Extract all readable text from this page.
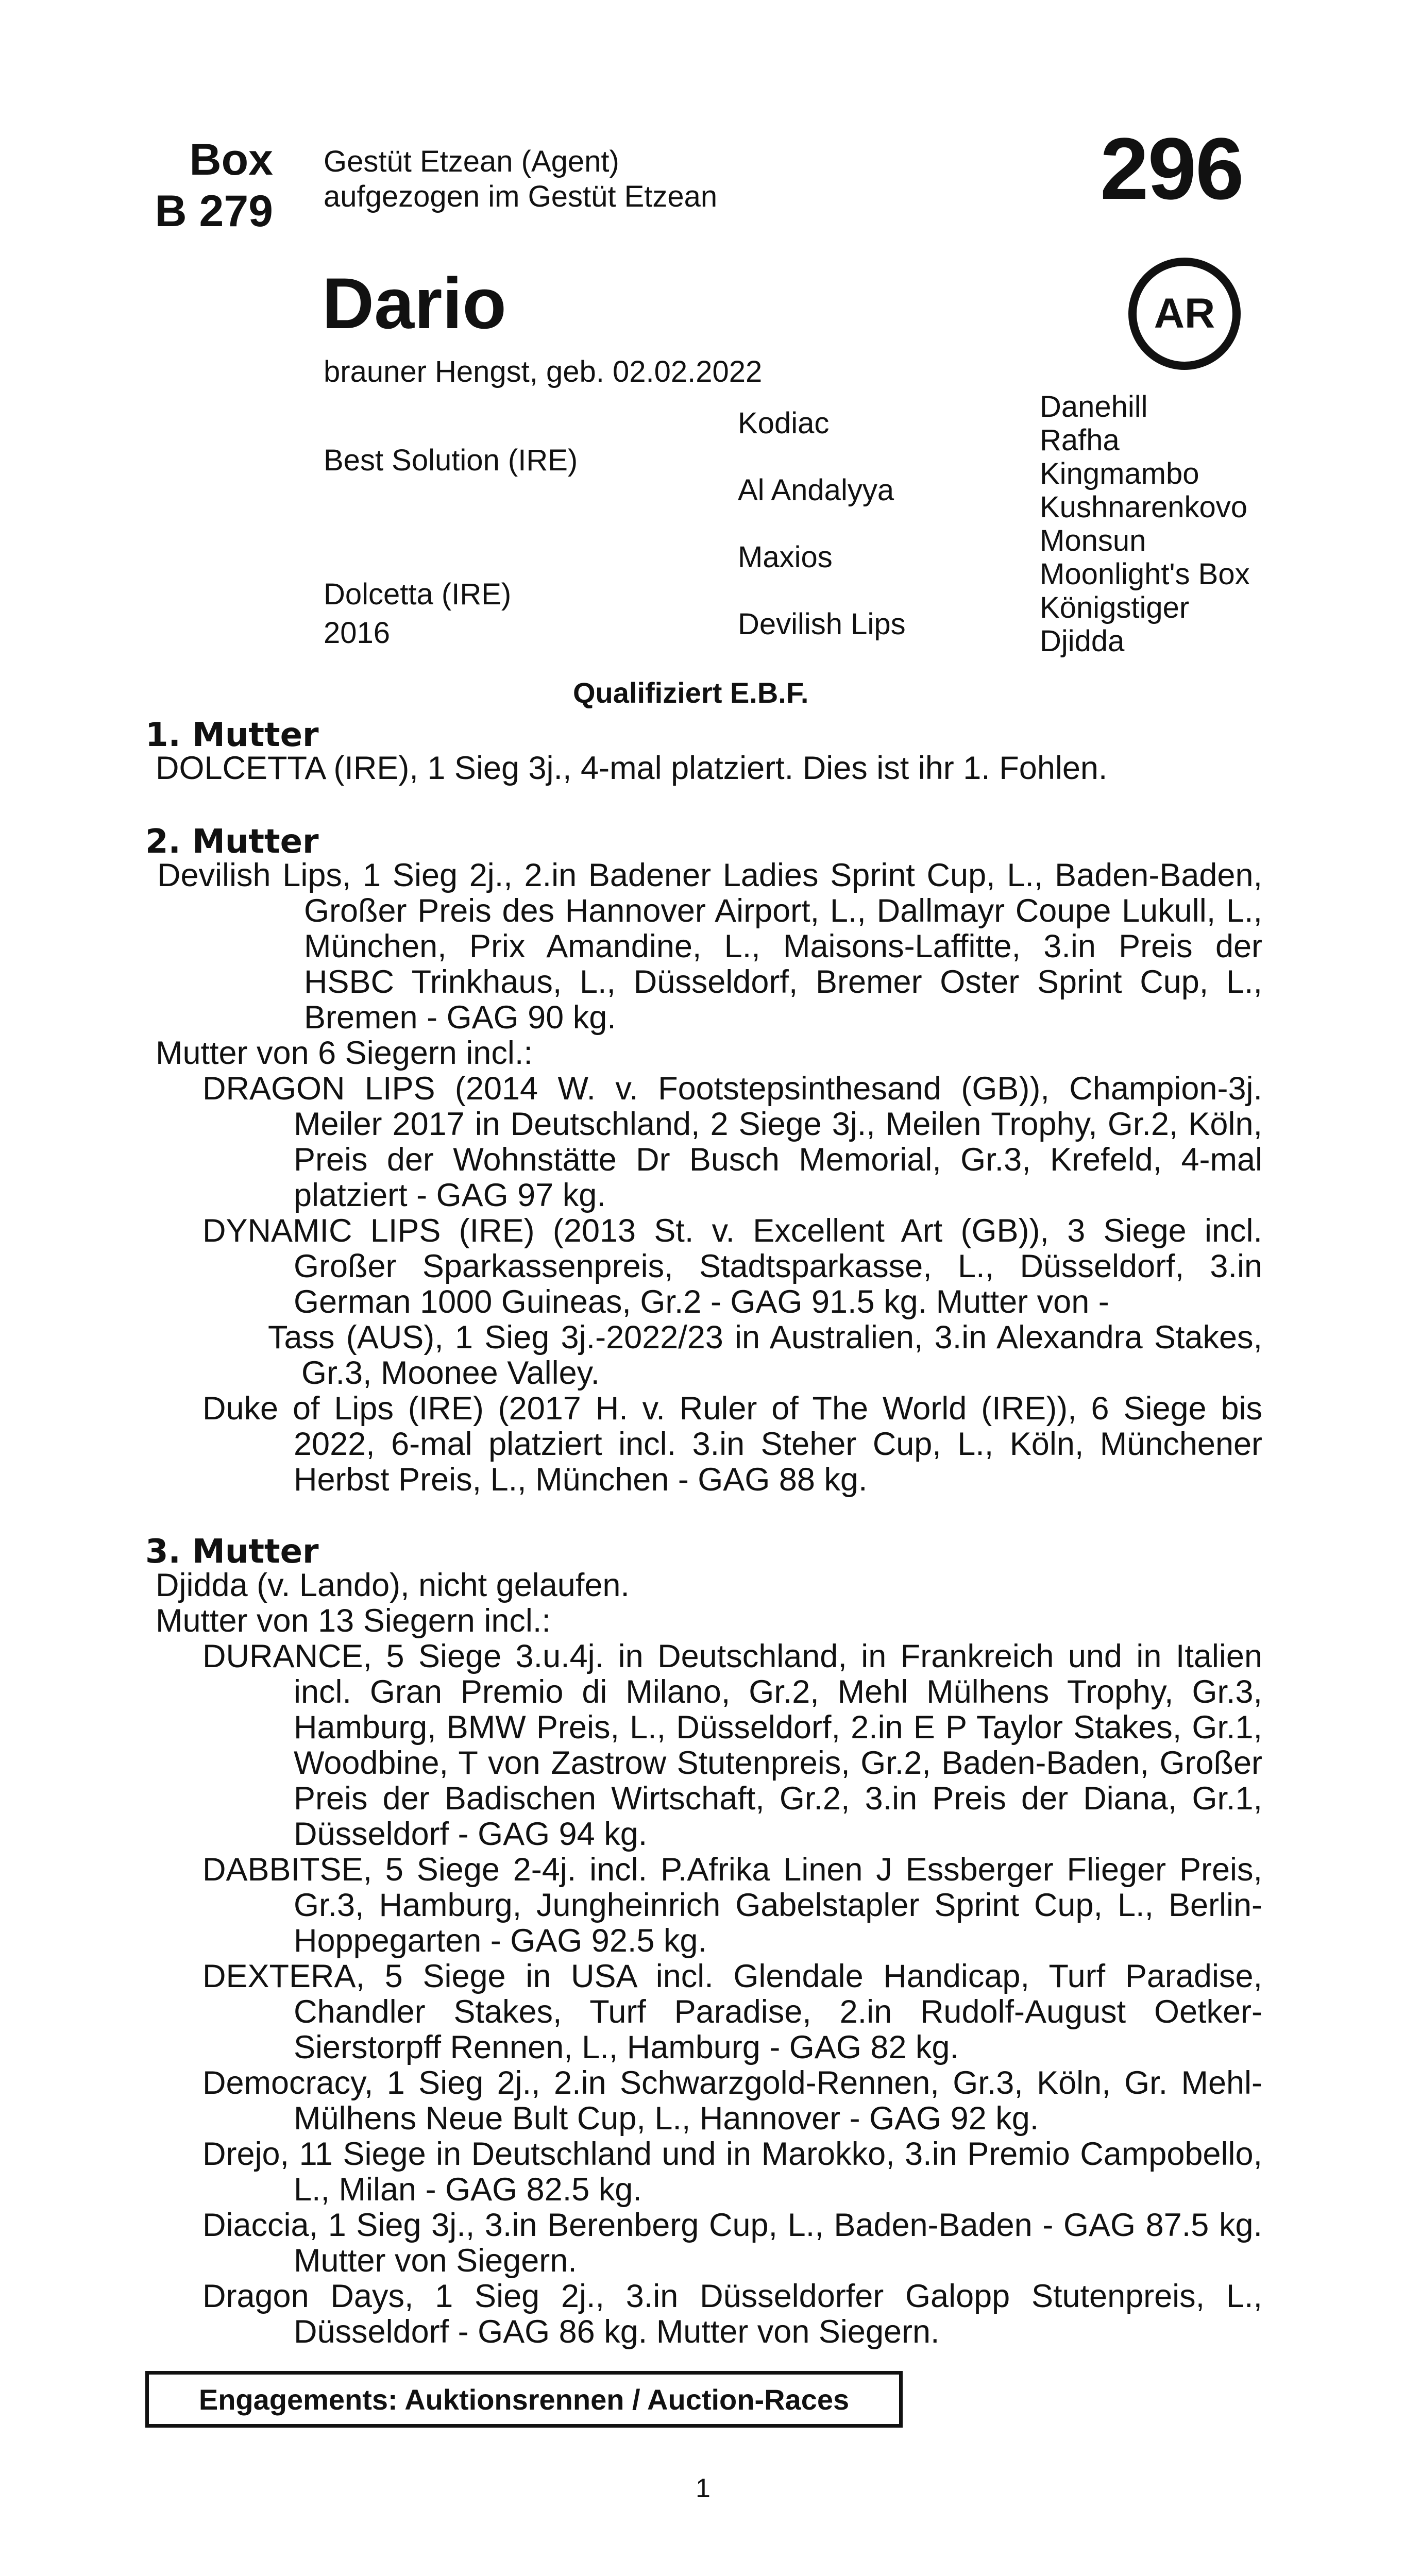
Box
B 279
Gestüt Etzean (Agent)
aufgezogen im Gestüt Etzean	296
AR
Dario
brauner Hengst, geb. 02.02.2022
Best Solution (IRE)
Dolcetta (IRE)
2016
Kodiac
Al Andalyya
Maxios
Devilish Lips
Danehill
Rafha
Kingmambo
Kushnarenkovo
Monsun
Moonlight's Box
Königstiger
Djidda
Qualifiziert E.B.F.
1. Mutter
DOLCETTA (IRE), 1 Sieg 3j., 4-mal platziert. Dies ist ihr 1. Fohlen.
2. Mutter
Devilish Lips, 1 Sieg 2j., 2.in Badener Ladies Sprint Cup, L., Baden-Baden, Großer Preis des Hannover Airport, L., Dallmayr Coupe Lukull, L., München, Prix Amandine, L., Maisons-Laffitte, 3.in Preis der HSBC Trinkhaus, L., Düsseldorf, Bremer Oster Sprint Cup, L., Bremen - GAG 90 kg.
Mutter von 6 Siegern incl.:
DRAGON LIPS (2014 W. v. Footstepsinthesand (GB)), Champion-3j. Meiler 2017 in Deutschland, 2 Siege 3j., Meilen Trophy, Gr.2, Köln, Preis der Wohnstätte Dr Busch Memorial, Gr.3, Krefeld, 4-mal platziert - GAG 97 kg.
DYNAMIC LIPS (IRE) (2013 St. v. Excellent Art (GB)), 3 Siege incl. Großer Sparkassenpreis, Stadtsparkasse, L., Düsseldorf, 3.in German 1000 Guineas, Gr.2 - GAG 91.5 kg. Mutter von -
Tass (AUS), 1 Sieg 3j.-2022/23 in Australien, 3.in Alexandra Stakes, Gr.3, Moonee Valley.
Duke of Lips (IRE) (2017 H. v. Ruler of The World (IRE)), 6 Siege bis 2022, 6-mal platziert incl. 3.in Steher Cup, L., Köln, Münchener Herbst Preis, L., München - GAG 88 kg.
3. Mutter
Djidda (v. Lando), nicht gelaufen.
Mutter von 13 Siegern incl.:
DURANCE, 5 Siege 3.u.4j. in Deutschland, in Frankreich und in Italien incl. Gran Premio di Milano, Gr.2, Mehl Mülhens Trophy, Gr.3, Hamburg, BMW Preis, L., Düsseldorf, 2.in E P Taylor Stakes, Gr.1, Woodbine, T von Zastrow Stutenpreis, Gr.2, Baden-Baden, Großer Preis der Badischen Wirtschaft, Gr.2, 3.in Preis der Diana, Gr.1, Düsseldorf - GAG 94 kg.
DABBITSE, 5 Siege 2-4j. incl. P.Afrika Linen J Essberger Flieger Preis, Gr.3, Hamburg, Jungheinrich Gabelstapler Sprint Cup, L., Berlin-Hoppegarten - GAG 92.5 kg.
DEXTERA, 5 Siege in USA incl. Glendale Handicap, Turf Paradise, Chandler Stakes, Turf Paradise, 2.in Rudolf-August Oetker-Sierstorpff Rennen, L., Hamburg - GAG 82 kg.
Democracy, 1 Sieg 2j., 2.in Schwarzgold-Rennen, Gr.3, Köln, Gr. Mehl-Mülhens Neue Bult Cup, L., Hannover - GAG 92 kg.
Drejo, 11 Siege in Deutschland und in Marokko, 3.in Premio Campobello, L., Milan - GAG 82.5 kg.
Diaccia, 1 Sieg 3j., 3.in Berenberg Cup, L., Baden-Baden - GAG 87.5 kg. Mutter von Siegern.
Dragon Days, 1 Sieg 2j., 3.in Düsseldorfer Galopp Stutenpreis, L., Düsseldorf - GAG 86 kg. Mutter von Siegern.
Engagements: Auktionsrennen / Auction-Races
1
